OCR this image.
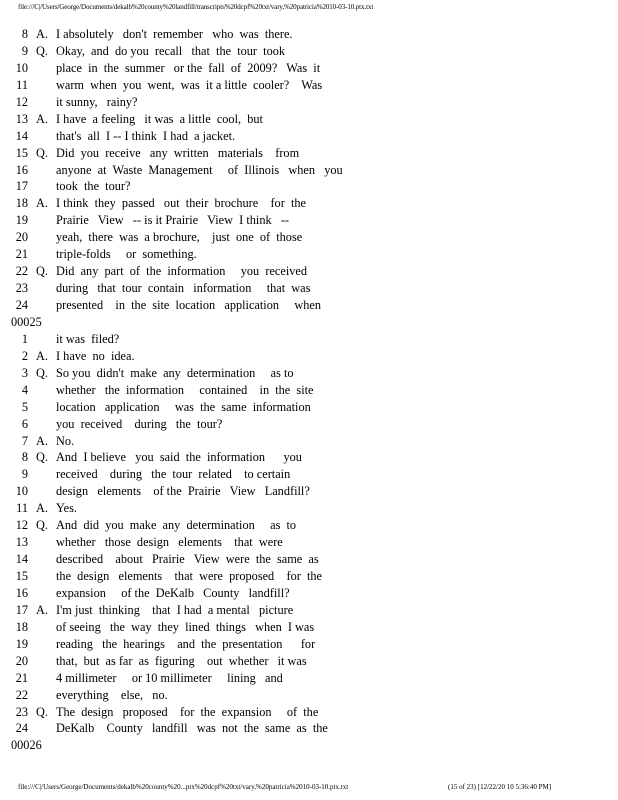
file:///C|/Users/George/Documents/dekalb%20county%20landfill/transcripts%20dcpf%20txt/vary,%20patricia%2010-03-10.ptx.txt
8 A. I absolutely   don't  remember   who  was  there.
9 Q. Okay,  and  do you  recall   that  the  tour  took
10 place  in  the  summer   or the  fall  of  2009?   Was  it
11 warm  when  you  went,  was  it a little  cooler?    Was
12 it sunny,   rainy?
13 A. I have  a feeling   it was  a little  cool,  but
14 that's  all  I -- I think  I had  a jacket.
15 Q. Did  you  receive   any  written   materials    from
16 anyone  at  Waste  Management     of  Illinois   when   you
17 took  the  tour?
18 A. I think  they  passed   out  their  brochure    for  the
19 Prairie   View   -- is it Prairie   View  I think   --
20 yeah,  there  was  a brochure,    just  one  of  those
21 triple-folds     or  something.
22 Q. Did  any  part  of  the  information     you  received
23 during   that  tour  contain   information     that  was
24 presented    in  the  site  location   application     when
00025
1 it was  filed?
2 A. I have  no  idea.
3 Q. So you  didn't  make  any  determination     as to
4 whether   the  information     contained    in  the  site
5 location   application     was  the  same  information
6 you  received    during   the  tour?
7 A. No.
8 Q. And  I believe   you  said  the  information      you
9 received    during   the  tour  related    to certain
10 design   elements    of the  Prairie   View   Landfill?
11 A. Yes.
12 Q. And  did  you  make  any  determination     as  to
13 whether   those  design   elements    that  were
14 described    about   Prairie   View  were  the  same  as
15 the  design   elements    that  were  proposed    for  the
16 expansion     of the  DeKalb   County   landfill?
17 A. I'm just  thinking    that  I had  a mental   picture
18 of seeing   the  way  they  lined  things   when  I was
19 reading   the  hearings    and  the  presentation      for
20 that,  but  as far  as  figuring    out  whether   it was
21 4 millimeter     or 10 millimeter     lining   and
22 everything    else,   no.
23 Q. The  design   proposed    for  the  expansion     of  the
24 DeKalb    County   landfill   was  not  the  same  as  the
00026
file:///C|/Users/George/Documents/dekalb%20county%20...ptx%20dcpf%20txt/vary,%20patricia%2010-03-10.ptx.txt	(15 of 23) [12/22/20 10 5:36:40 PM]
